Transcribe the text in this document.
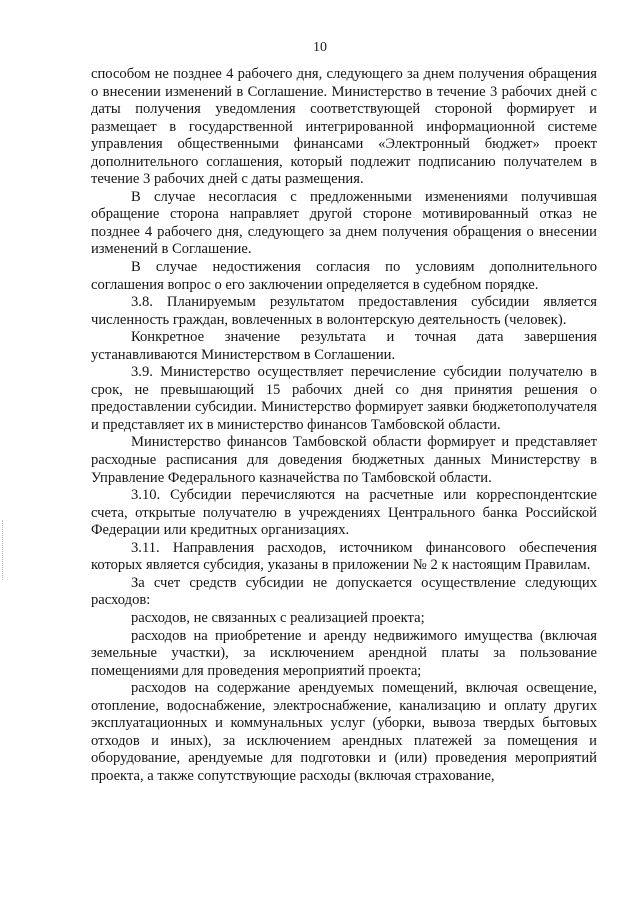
10

способом не позднее 4 рабочего дня, следующего за днем получения обращения о внесении изменений в Соглашение. Министерство в течение 3 рабочих дней с даты получения уведомления соответствующей стороной формирует и размещает в государственной интегрированной информационной системе управления общественными финансами «Электронный бюджет» проект дополнительного соглашения, который подлежит подписанию получателем в течение 3 рабочих дней с даты размещения.

В случае несогласия с предложенными изменениями получившая обращение сторона направляет другой стороне мотивированный отказ не позднее 4 рабочего дня, следующего за днем получения обращения о внесении изменений в Соглашение.

В случае недостижения согласия по условиям дополнительного соглашения вопрос о его заключении определяется в судебном порядке.

3.8. Планируемым результатом предоставления субсидии является численность граждан, вовлеченных в волонтерскую деятельность (человек).

Конкретное значение результата и точная дата завершения устанавливаются Министерством в Соглашении.

3.9. Министерство осуществляет перечисление субсидии получателю в срок, не превышающий 15 рабочих дней со дня принятия решения о предоставлении субсидии. Министерство формирует заявки бюджетополучателя и представляет их в министерство финансов Тамбовской области.

Министерство финансов Тамбовской области формирует и представляет расходные расписания для доведения бюджетных данных Министерству в Управление Федерального казначейства по Тамбовской области.

3.10. Субсидии перечисляются на расчетные или корреспондентские счета, открытые получателю в учреждениях Центрального банка Российской Федерации или кредитных организациях.

3.11. Направления расходов, источником финансового обеспечения которых является субсидия, указаны в приложении № 2 к настоящим Правилам.

За счет средств субсидии не допускается осуществление следующих расходов:

расходов, не связанных с реализацией проекта;

расходов на приобретение и аренду недвижимого имущества (включая земельные участки), за исключением арендной платы за пользование помещениями для проведения мероприятий проекта;

расходов на содержание арендуемых помещений, включая освещение, отопление, водоснабжение, электроснабжение, канализацию и оплату других эксплуатационных и коммунальных услуг (уборки, вывоза твердых бытовых отходов и иных), за исключением арендных платежей за помещения и оборудование, арендуемые для подготовки и (или) проведения мероприятий проекта, а также сопутствующие расходы (включая страхование,
